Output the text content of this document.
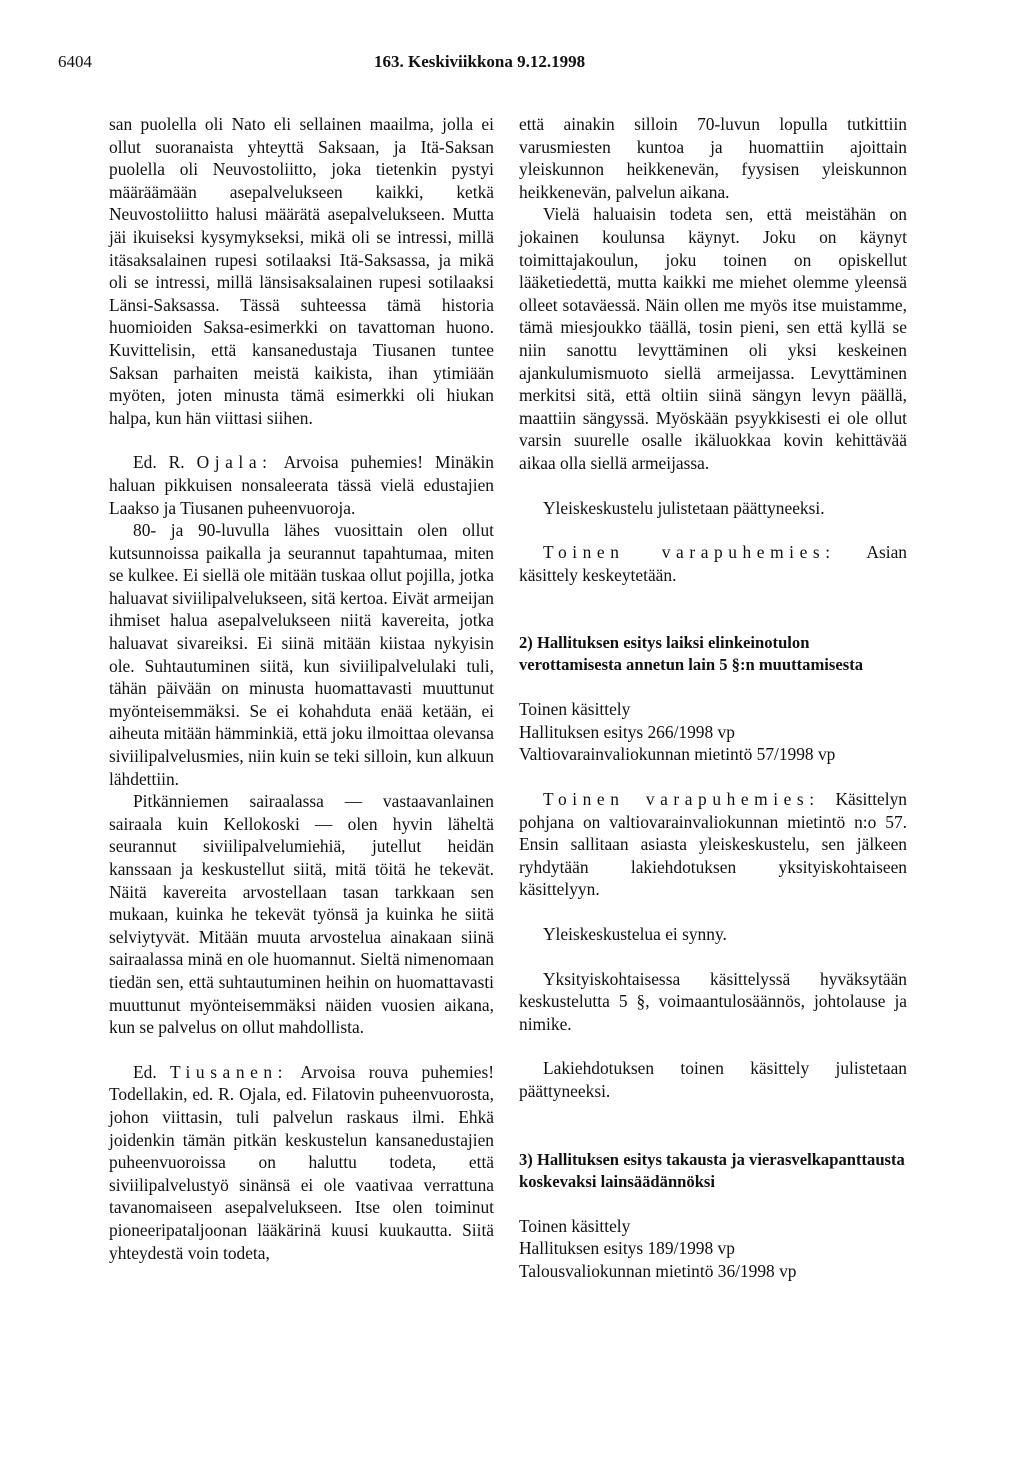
6404	163. Keskiviikkona 9.12.1998

san puolella oli Nato eli sellainen maailma, jolla ei ollut suoranaista yhteyttä Saksaan, ja Itä-Saksan puolella oli Neuvostoliitto, joka tietenkin pystyi määräämään asepalvelukseen kaikki, ketkä Neuvostoliitto halusi määrätä asepalvelukseen. Mutta jäi ikuiseksi kysymykseksi, mikä oli se intressi, millä itäsaksalainen rupesi sotilaaksi Itä-Saksassa, ja mikä oli se intressi, millä länsisaksalainen rupesi sotilaaksi Länsi-Saksassa. Tässä suhteessa tämä historia huomioiden Saksa-esimerkki on tavattoman huono. Kuvittelisin, että kansanedustaja Tiusanen tuntee Saksan parhaiten meistä kaikista, ihan ytimiään myöten, joten minusta tämä esimerkki oli hiukan halpa, kun hän viittasi siihen.

Ed. R. Ojala: Arvoisa puhemies! Minäkin haluan pikkuisen nonsaleerata tässä vielä edustajien Laakso ja Tiusanen puheenvuoroja.

80- ja 90-luvulla lähes vuosittain olen ollut kutsunnoissa paikalla ja seurannut tapahtumaa, miten se kulkee. Ei siellä ole mitään tuskaa ollut pojilla, jotka haluavat siviilipalvelukseen, sitä kertoa. Eivät armeijan ihmiset halua asepalvelukseen niitä kavereita, jotka haluavat sivareiksi. Ei siinä mitään kiistaa nykyisin ole. Suhtautuminen siitä, kun siviilipalvelulaki tuli, tähän päivään on minusta huomattavasti muuttunut myönteisemmäksi. Se ei kohahduta enää ketään, ei aiheuta mitään hämminkiä, että joku ilmoittaa olevansa siviilipalvelusmies, niin kuin se teki silloin, kun alkuun lähdettiin.

Pitkänniemen sairaalassa — vastaavanlainen sairaala kuin Kellokoski — olen hyvin läheltä seurannut siviilipalvelumiehiä, jutellut heidän kanssaan ja keskustellut siitä, mitä töitä he tekevät. Näitä kavereita arvostellaan tasan tarkkaan sen mukaan, kuinka he tekevät työnsä ja kuinka he siitä selviytyvät. Mitään muuta arvostelua ainakaan siinä sairaalassa minä en ole huomannut. Sieltä nimenomaan tiedän sen, että suhtautuminen heihin on huomattavasti muuttunut myönteisemmäksi näiden vuosien aikana, kun se palvelus on ollut mahdollista.

Ed. Tiusanen: Arvoisa rouva puhemies! Todellakin, ed. R. Ojala, ed. Filatovin puheenvuorosta, johon viittasin, tuli palvelun raskaus ilmi. Ehkä joidenkin tämän pitkän keskustelun kansanedustajien puheenvuoroissa on haluttu todeta, että siviilipalvelustyö sinänsä ei ole vaativaa verrattuna tavanomaiseen asepalvelukseen. Itse olen toiminut pioneeripataljoonan lääkärinä kuusi kuukautta. Siitä yhteydestä voin todeta,

että ainakin silloin 70-luvun lopulla tutkittiin varusmiesten kuntoa ja huomattiin ajoittain yleiskunnon heikkenevän, fyysisen yleiskunnon heikkenevän, palvelun aikana.

Vielä haluaisin todeta sen, että meistähän on jokainen koulunsa käynyt. Joku on käynyt toimittajakoulun, joku toinen on opiskellut lääketiedettä, mutta kaikki me miehet olemme yleensä olleet sotaväessä. Näin ollen me myös itse muistamme, tämä miesjoukko täällä, tosin pieni, sen että kyllä se niin sanottu levyttäminen oli yksi keskeinen ajankulumismuoto siellä armeijassa. Levyttäminen merkitsi sitä, että oltiin siinä sängyn levyn päällä, maattiin sängyssä. Myöskään psyykkisesti ei ole ollut varsin suurelle osalle ikäluokkaa kovin kehittävää aikaa olla siellä armeijassa.

Yleiskeskustelu julistetaan päättyneeksi.

Toinen varapuhemies: Asian käsittely keskeytetään.

2) Hallituksen esitys laiksi elinkeinotulon verottamisesta annetun lain 5 §:n muuttamisesta

Toinen käsittely

Hallituksen esitys 266/1998 vp

Valtiovarainvaliokunnan mietintö 57/1998 vp

Toinen varapuhemies: Käsittelyn pohjana on valtiovarainvaliokunnan mietintö n:o 57. Ensin sallitaan asiasta yleiskeskustelu, sen jälkeen ryhdytään lakiehdotuksen yksityiskohtaiseen käsittelyyn.

Yleiskeskustelua ei synny.

Yksityiskohtaisessa käsittelyssä hyväksytään keskustelutta 5 §, voimaantulosäännös, johtolause ja nimike.

Lakiehdotuksen toinen käsittely julistetaan päättyneeksi.

3) Hallituksen esitys takausta ja vierasvelkapanttausta koskevaksi lainsäädännöksi

Toinen käsittely

Hallituksen esitys 189/1998 vp

Talousvaliokunnan mietintö 36/1998 vp
